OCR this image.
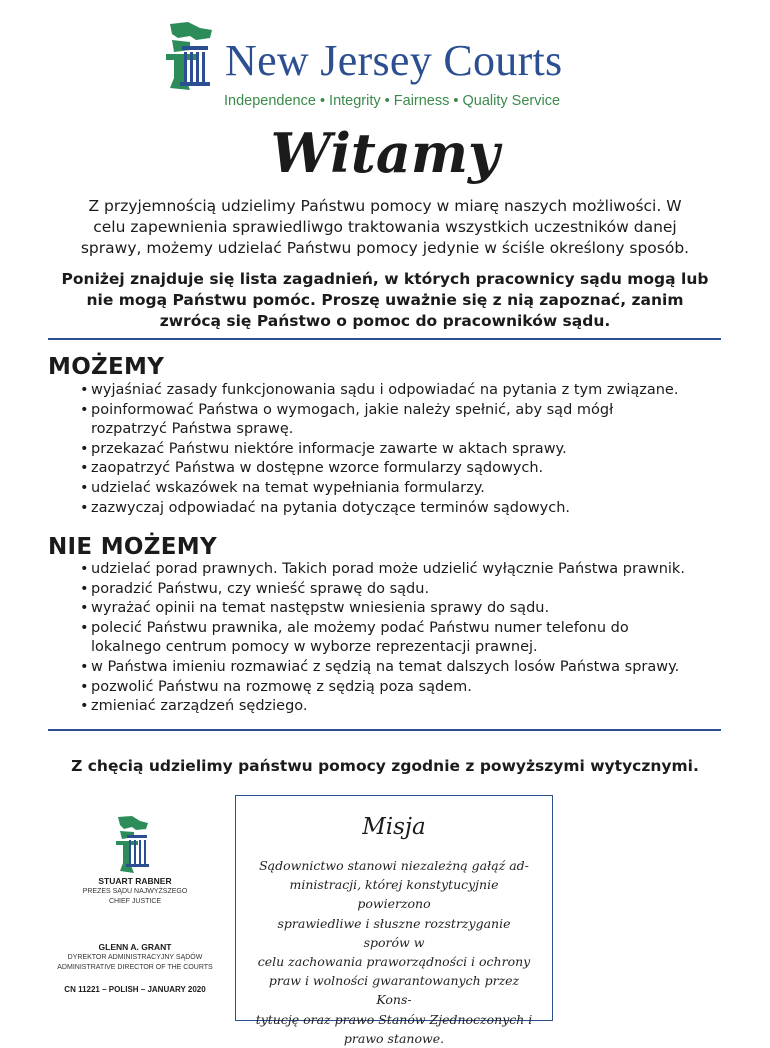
New Jersey Courts
Independence • Integrity • Fairness • Quality Service
Witamy
Z przyjemnością udzielimy Państwu pomocy w miarę naszych możliwości. W
celu zapewnienia sprawiedliwgo traktowania wszystkich uczestników danej
sprawy, możemy udzielać Państwu pomocy jedynie w ściśle określony sposób.
Poniżej znajduje się lista zagadnień, w których pracownicy sądu mogą lub
nie mogą Państwu pomóc. Proszę uważnie się z nią zapoznać, zanim
zwrócą się Państwo o pomoc do pracowników sądu.
MOŻEMY
• wyjaśniać zasady funkcjonowania sądu i odpowiadać na pytania z tym związane.
• poinformować Państwa o wymogach, jakie należy spełnić, aby sąd mógł
rozpatrzyć Państwa sprawę.
• przekazać Państwu niektóre informacje zawarte w aktach sprawy.
• zaopatrzyć Państwa w dostępne wzorce formularzy sądowych.
• udzielać wskazówek na temat wypełniania formularzy.
• zazwyczaj odpowiadać na pytania dotyczące terminów sądowych.
NIE MOŻEMY
• udzielać porad prawnych. Takich porad może udzielić wyłącznie Państwa prawnik.
• poradzić Państwu, czy wnieść sprawę do sądu.
• wyrażać opinii na temat następstw wniesienia sprawy do sądu.
• polecić Państwu prawnika, ale możemy podać Państwu numer telefonu do
lokalnego centrum pomocy w wyborze reprezentacji prawnej.
• w Państwa imieniu rozmawiać z sędzią na temat dalszych losów Państwa sprawy.
• pozwolić Państwu na rozmowę z sędzią poza sądem.
• zmieniać zarządzeń sędziego.
Z chęcią udzielimy państwu pomocy zgodnie z powyższymi wytycznymi.
STUART RABNER
PREZES SĄDU NAJWYŻSZEGO
CHIEF JUSTICE
GLENN A. GRANT
DYREKTOR ADMINISTRACYJNY SĄDÓW
ADMINISTRATIVE DIRECTOR OF THE COURTS
CN 11221 – POLISH – JANUARY 2020
Misja
Sądownictwo stanowi niezależną gałąź ad-
ministracji, której konstytucyjnie powierzono
sprawiedliwe i słuszne rozstrzyganie sporów w
celu zachowania praworządności i ochrony
praw i wolności gwarantowanych przez Kons-
tytucję oraz prawo Stanów Zjednoczonych i
prawo stanowe.
